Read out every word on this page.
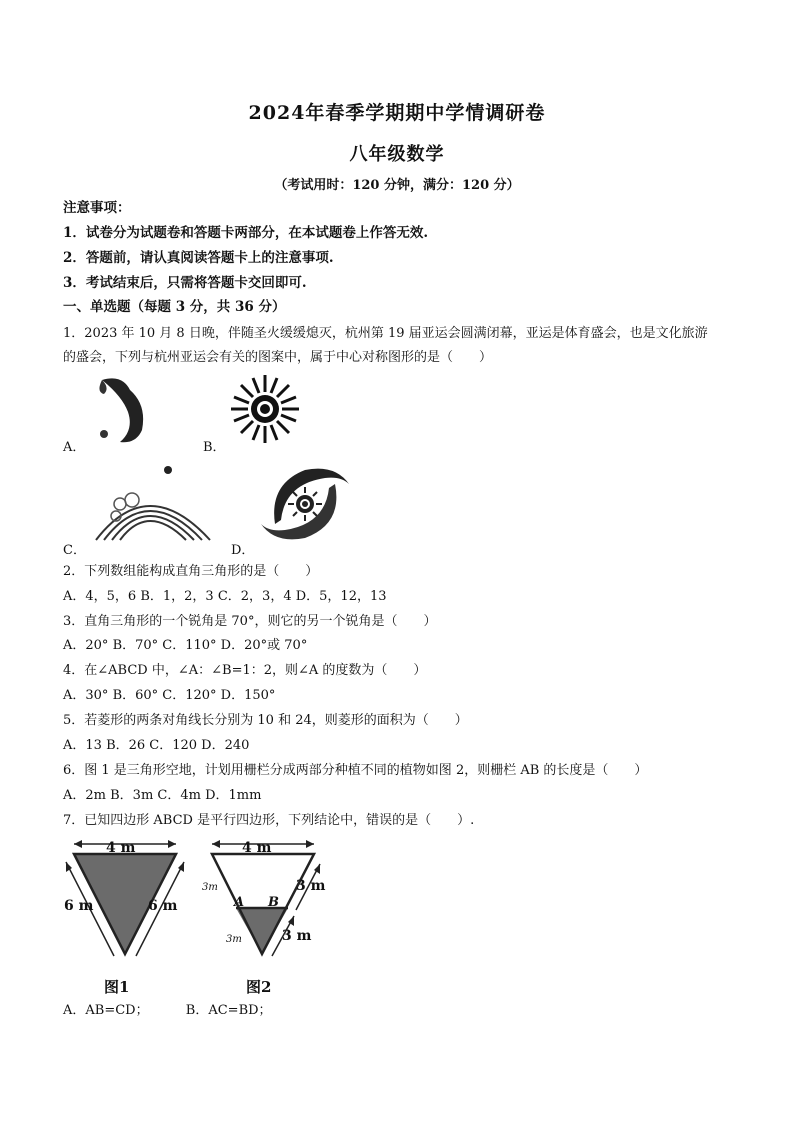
2024年春季学期期中学情调研卷
八年级数学
（考试用时：120 分钟，满分：120 分）
注意事项：
1．试卷分为试题卷和答题卡两部分，在本试题卷上作答无效.
2．答题前，请认真阅读答题卡上的注意事项.
3．考试结束后，只需将答题卡交回即可.
一、单选题（每题 3 分，共 36 分）
1．2023 年 10 月 8 日晚，伴随圣火缓缓熄灭，杭州第 19 届亚运会圆满闭幕，亚运是体育盛会，也是文化旅游
的盛会，下列与杭州亚运会有关的图案中，属于中心对称图形的是（　　）
A．	B．
C．	D．
2．下列数组能构成直角三角形的是（　　）
A．4，5，6 B．1，2，3 C．2，3，4 D．5，12，13
3．直角三角形的一个锐角是 70°，则它的另一个锐角是（　　）
A．20° B．70° C．110° D．20°或 70°
4．在∠ABCD 中，∠A：∠B=1：2，则∠A 的度数为（　　）
A．30° B．60° C．120° D．150°
5．若菱形的两条对角线长分别为 10 和 24，则菱形的面积为（　　）
A．13 B．26 C．120 D．240
6．图 1 是三角形空地，计划用栅栏分成两部分种植不同的植物如图 2，则栅栏 AB 的长度是（　　）
A．2m B．3m C．4m D．1mm
7．已知四边形 ABCD 是平行四边形，下列结论中，错误的是（　　）.
4 m
6 m	6 m
图1
4 m
3m
3m
3 m
3 m
A B
图2
A．AB=CD；         B．AC=BD；
